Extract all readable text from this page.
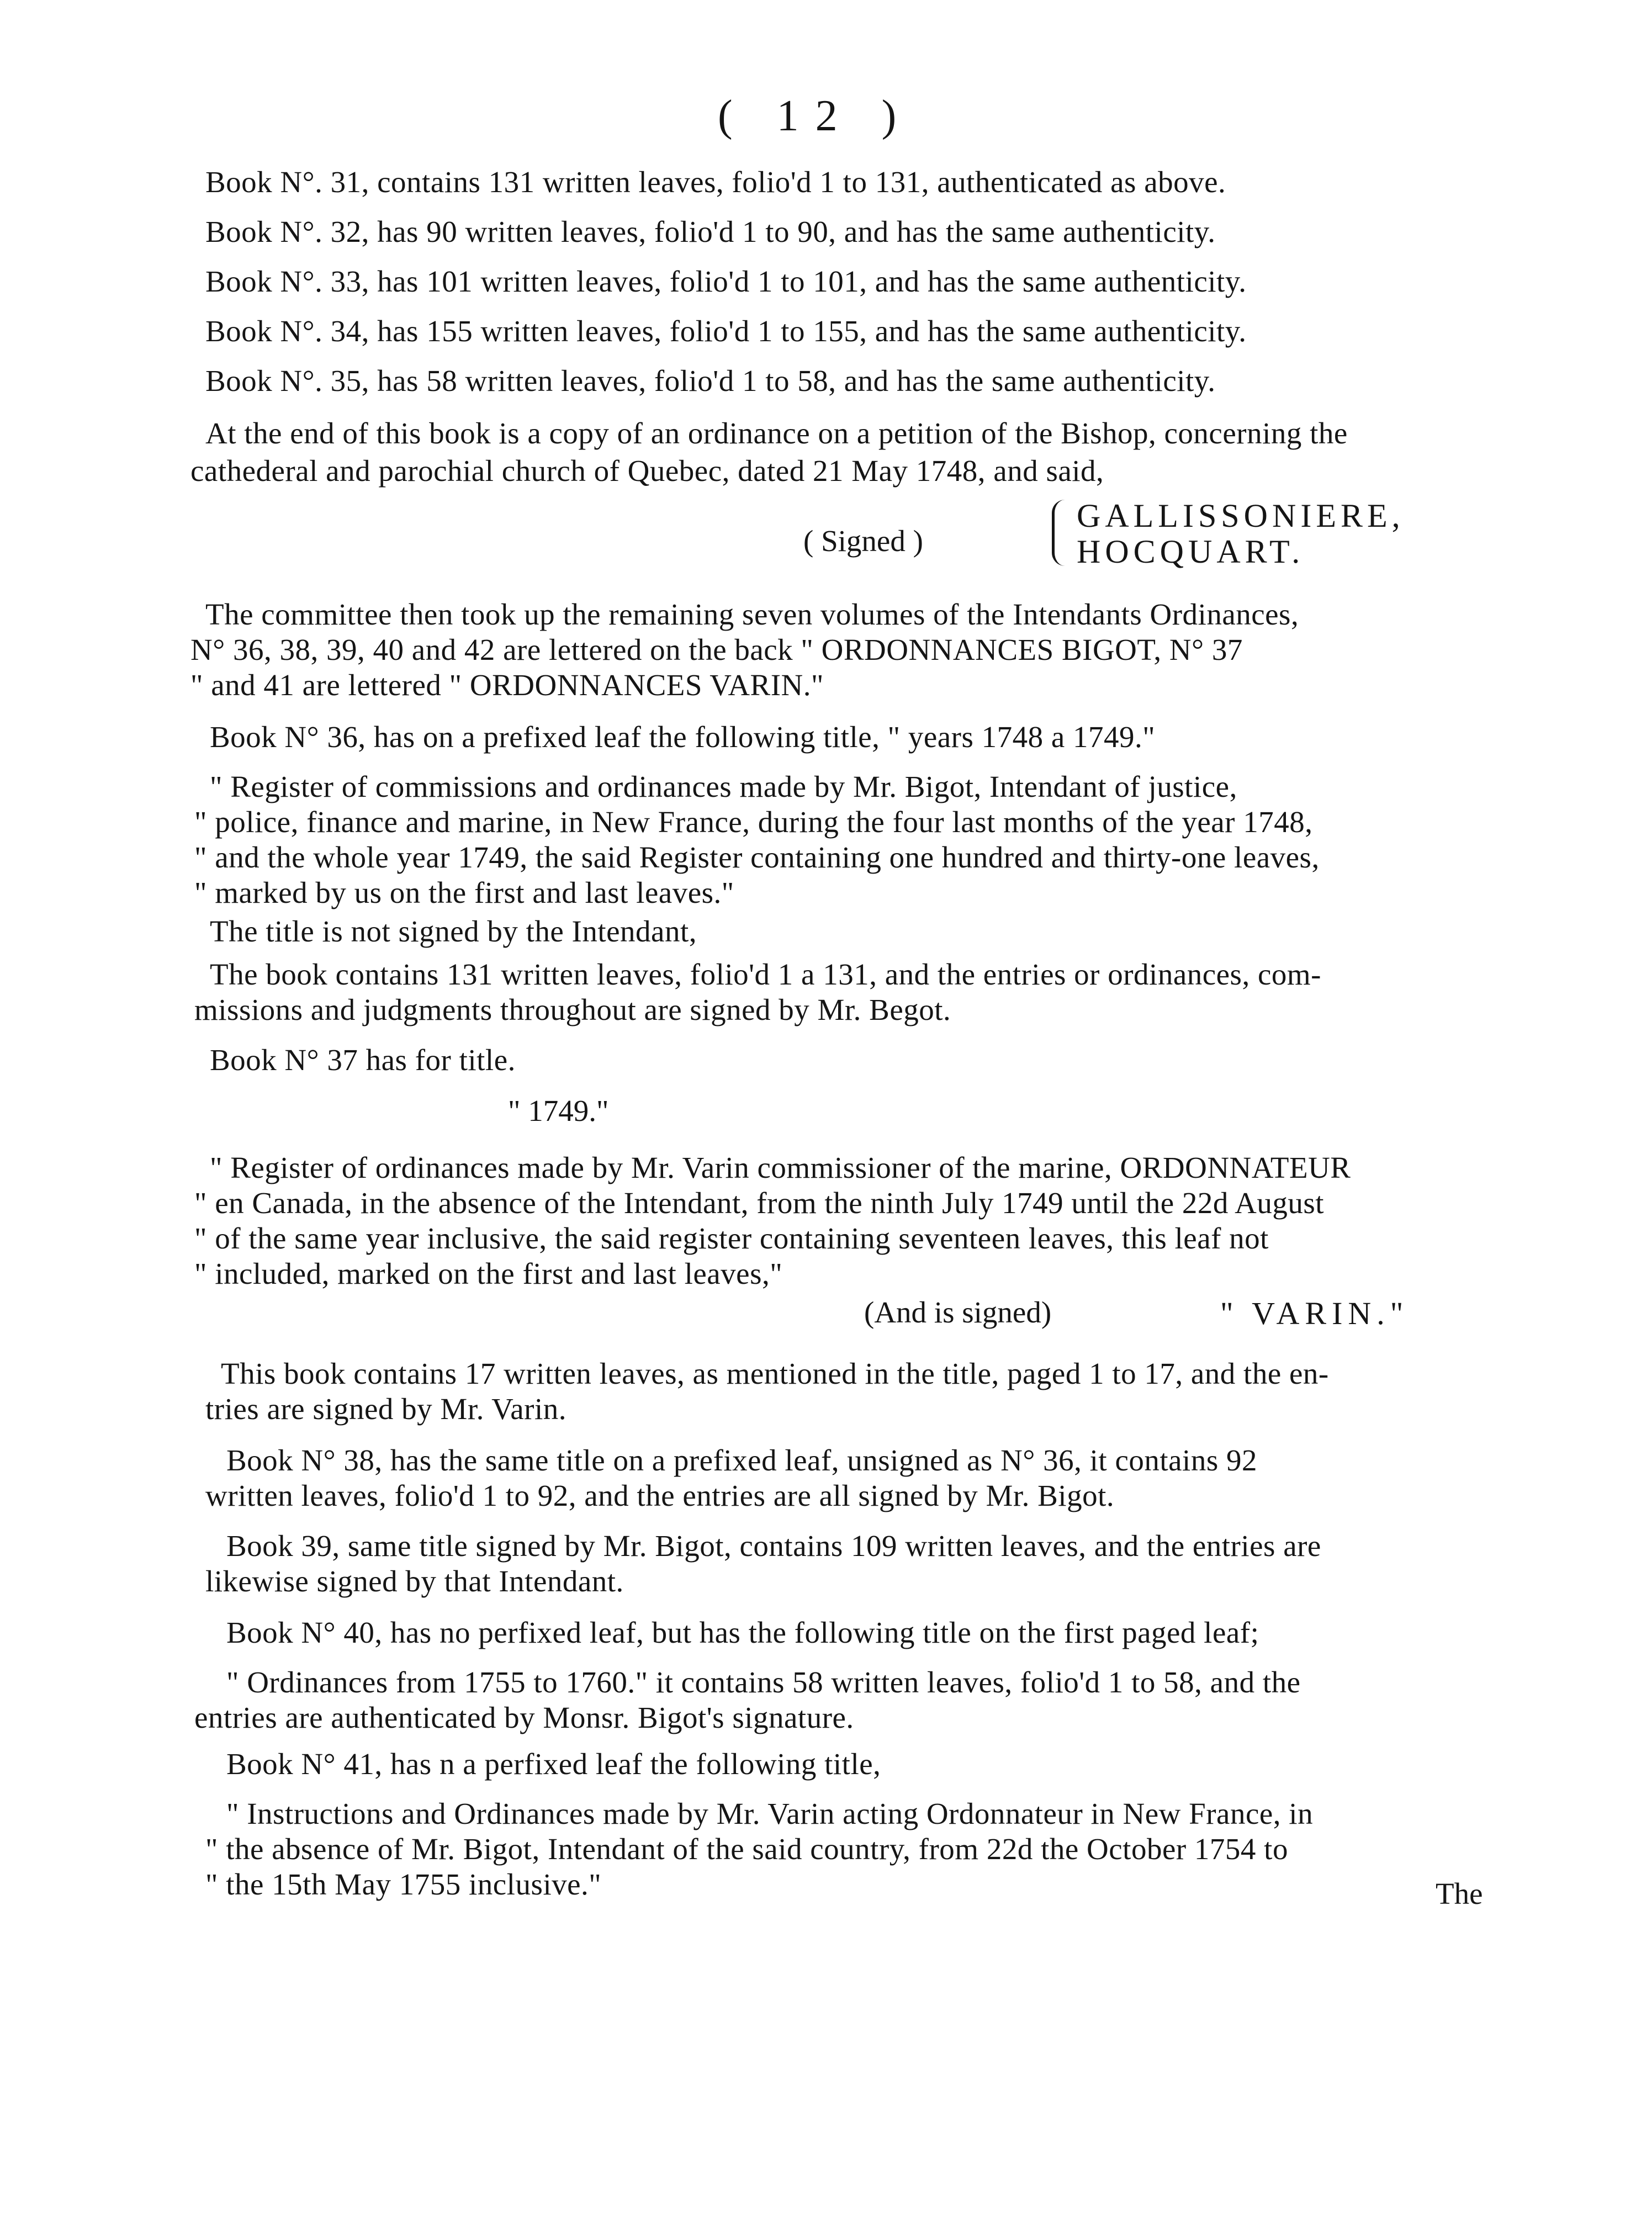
( 12 )
Book N°. 31, contains 131 written leaves, folio'd 1 to 131, authenticated as above.
Book N°. 32, has 90 written leaves, folio'd 1 to 90, and has the same authenticity.
Book N°. 33, has 101 written leaves, folio'd 1 to 101, and has the same authenticity.
Book N°. 34, has 155 written leaves, folio'd 1 to 155, and has the same authenticity.
Book N°. 35, has 58 written leaves, folio'd 1 to 58, and has the same authenticity.
At the end of this book is a copy of an ordinance on a petition of the Bishop, concerning the
cathederal and parochial church of Quebec, dated 21 May 1748, and said,
( Signed )
GALLISSONIERE,
HOCQUART.
The committee then took up the remaining seven volumes of the Intendants Ordinances,
N° 36, 38, 39, 40 and 42 are lettered on the back " ORDONNANCES BIGOT, N° 37
" and 41 are lettered " ORDONNANCES VARIN."
Book N° 36, has on a prefixed leaf the following title, " years 1748 a 1749."
" Register of commissions and ordinances made by Mr. Bigot, Intendant of justice,
" police, finance and marine, in New France, during the four last months of the year 1748,
" and the whole year 1749, the said Register containing one hundred and thirty-one leaves,
" marked by us on the first and last leaves."
The title is not signed by the Intendant,
The book contains 131 written leaves, folio'd 1 a 131, and the entries or ordinances, com-
missions and judgments throughout are signed by Mr. Begot.
Book N° 37 has for title.
" 1749."
" Register of ordinances made by Mr. Varin commissioner of the marine, ORDONNATEUR
" en Canada, in the absence of the Intendant, from the ninth July 1749 until the 22d August
" of the same year inclusive, the said register containing seventeen leaves, this leaf not
" included, marked on the first and last leaves,"
(And is signed)	" VARIN."
This book contains 17 written leaves, as mentioned in the title, paged 1 to 17, and the en-
tries are signed by Mr. Varin.
Book N° 38, has the same title on a prefixed leaf, unsigned as N° 36, it contains 92
written leaves, folio'd 1 to 92, and the entries are all signed by Mr. Bigot.
Book 39, same title signed by Mr. Bigot, contains 109 written leaves, and the entries are
likewise signed by that Intendant.
Book N° 40, has no perfixed leaf, but has the following title on the first paged leaf;
" Ordinances from 1755 to 1760." it contains 58 written leaves, folio'd 1 to 58, and the
entries are authenticated by Monsr. Bigot's signature.
Book N° 41, has n a perfixed leaf the following title,
" Instructions and Ordinances made by Mr. Varin acting Ordonnateur in New France, in
" the absence of Mr. Bigot, Intendant of the said country, from 22d the October 1754 to
" the 15th May 1755 inclusive."	The
